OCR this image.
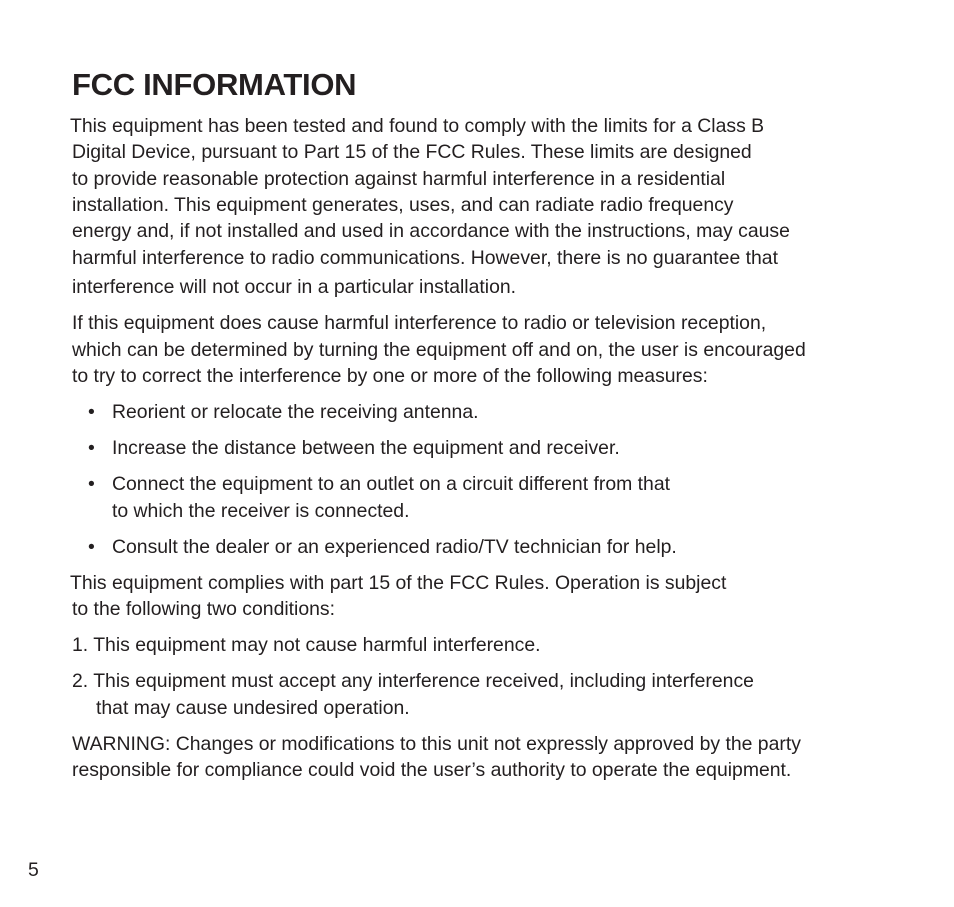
FCC INFORMATION

This equipment has been tested and found to comply with the limits for a Class B

Digital Device, pursuant to Part 15 of the FCC Rules. These limits are designed

to provide reasonable protection against harmful interference in a residential

installation. This equipment generates, uses, and can radiate radio frequency

energy and, if not installed and used in accordance with the instructions, may cause

harmful interference to radio communications. However, there is no guarantee that

interference will not occur in a particular installation.

If this equipment does cause harmful interference to radio or television reception,

which can be determined by turning the equipment off and on, the user is encouraged

to try to correct the interference by one or more of the following measures:

• Reorient or relocate the receiving antenna.
• Increase the distance between the equipment and receiver.
• Connect the equipment to an outlet on a circuit different from that
to which the receiver is connected.
• Consult the dealer or an experienced radio/TV technician for help.

This equipment complies with part 15 of the FCC Rules. Operation is subject

to the following two conditions:

1. This equipment may not cause harmful interference.
2. This equipment must accept any interference received, including interference
that may cause undesired operation.

WARNING: Changes or modifications to this unit not expressly approved by the party

responsible for compliance could void the user’s authority to operate the equipment.

5
